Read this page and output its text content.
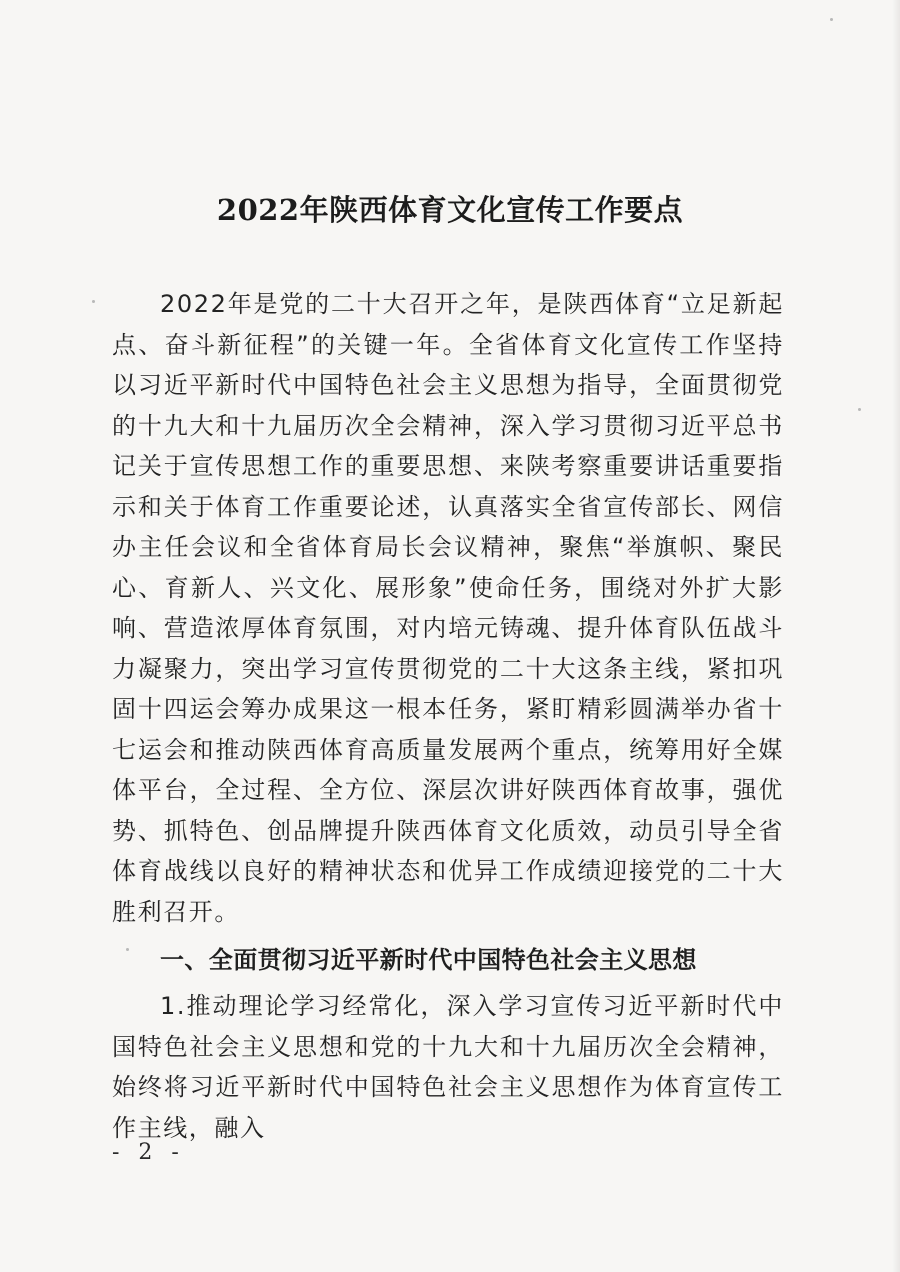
2022年陕西体育文化宣传工作要点

2022年是党的二十大召开之年，是陕西体育“立足新起点、奋斗新征程”的关键一年。全省体育文化宣传工作坚持以习近平新时代中国特色社会主义思想为指导，全面贯彻党的十九大和十九届历次全会精神，深入学习贯彻习近平总书记关于宣传思想工作的重要思想、来陕考察重要讲话重要指示和关于体育工作重要论述，认真落实全省宣传部长、网信办主任会议和全省体育局长会议精神，聚焦“举旗帜、聚民心、育新人、兴文化、展形象”使命任务，围绕对外扩大影响、营造浓厚体育氛围，对内培元铸魂、提升体育队伍战斗力凝聚力，突出学习宣传贯彻党的二十大这条主线，紧扣巩固十四运会筹办成果这一根本任务，紧盯精彩圆满举办省十七运会和推动陕西体育高质量发展两个重点，统筹用好全媒体平台，全过程、全方位、深层次讲好陕西体育故事，强优势、抓特色、创品牌提升陕西体育文化质效，动员引导全省体育战线以良好的精神状态和优异工作成绩迎接党的二十大胜利召开。

一、全面贯彻习近平新时代中国特色社会主义思想

1.推动理论学习经常化，深入学习宣传习近平新时代中国特色社会主义思想和党的十九大和十九届历次全会精神，始终将习近平新时代中国特色社会主义思想作为体育宣传工作主线，融入

- 2 -
